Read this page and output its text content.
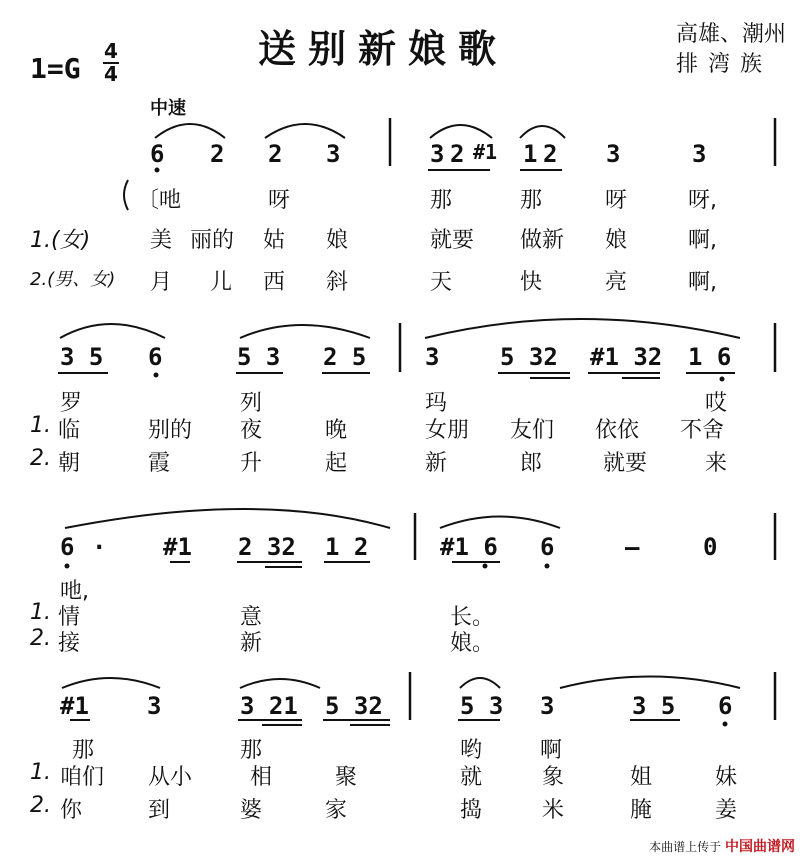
送别新娘歌
1=G
4
4
高雄、潮州
排湾族
中速
6 2 2 3	3 2 #1 1 2 3	3
〔吔	呀	那	那	呀	呀,
1.(女)	美 丽的 姑 娘	就要 做新 娘	啊,
2.(男、女) 月 儿 西 斜	天	快	亮	啊,
3 5 6	5 3 2 5 3	5 32 #1 32 1 6
罗	列	玛	哎
1. 临	别的 夜	晚	女朋 友们 依依 不舍
2. 朝	霞	升	起	新	郎	就要	来
6 · #1 2 32 1 2	#1 6 6	–	0
吔,
1. 情	意	长。
2. 接	新	娘。
#1 3	3 21 5 32	5 3 3	3 5 6
那	那	哟	啊
1. 咱们 从小	相	聚	就	象	姐	妹
2. 你	到	婆	家	捣	米	腌	姜
本曲谱上传于 中国曲谱网
